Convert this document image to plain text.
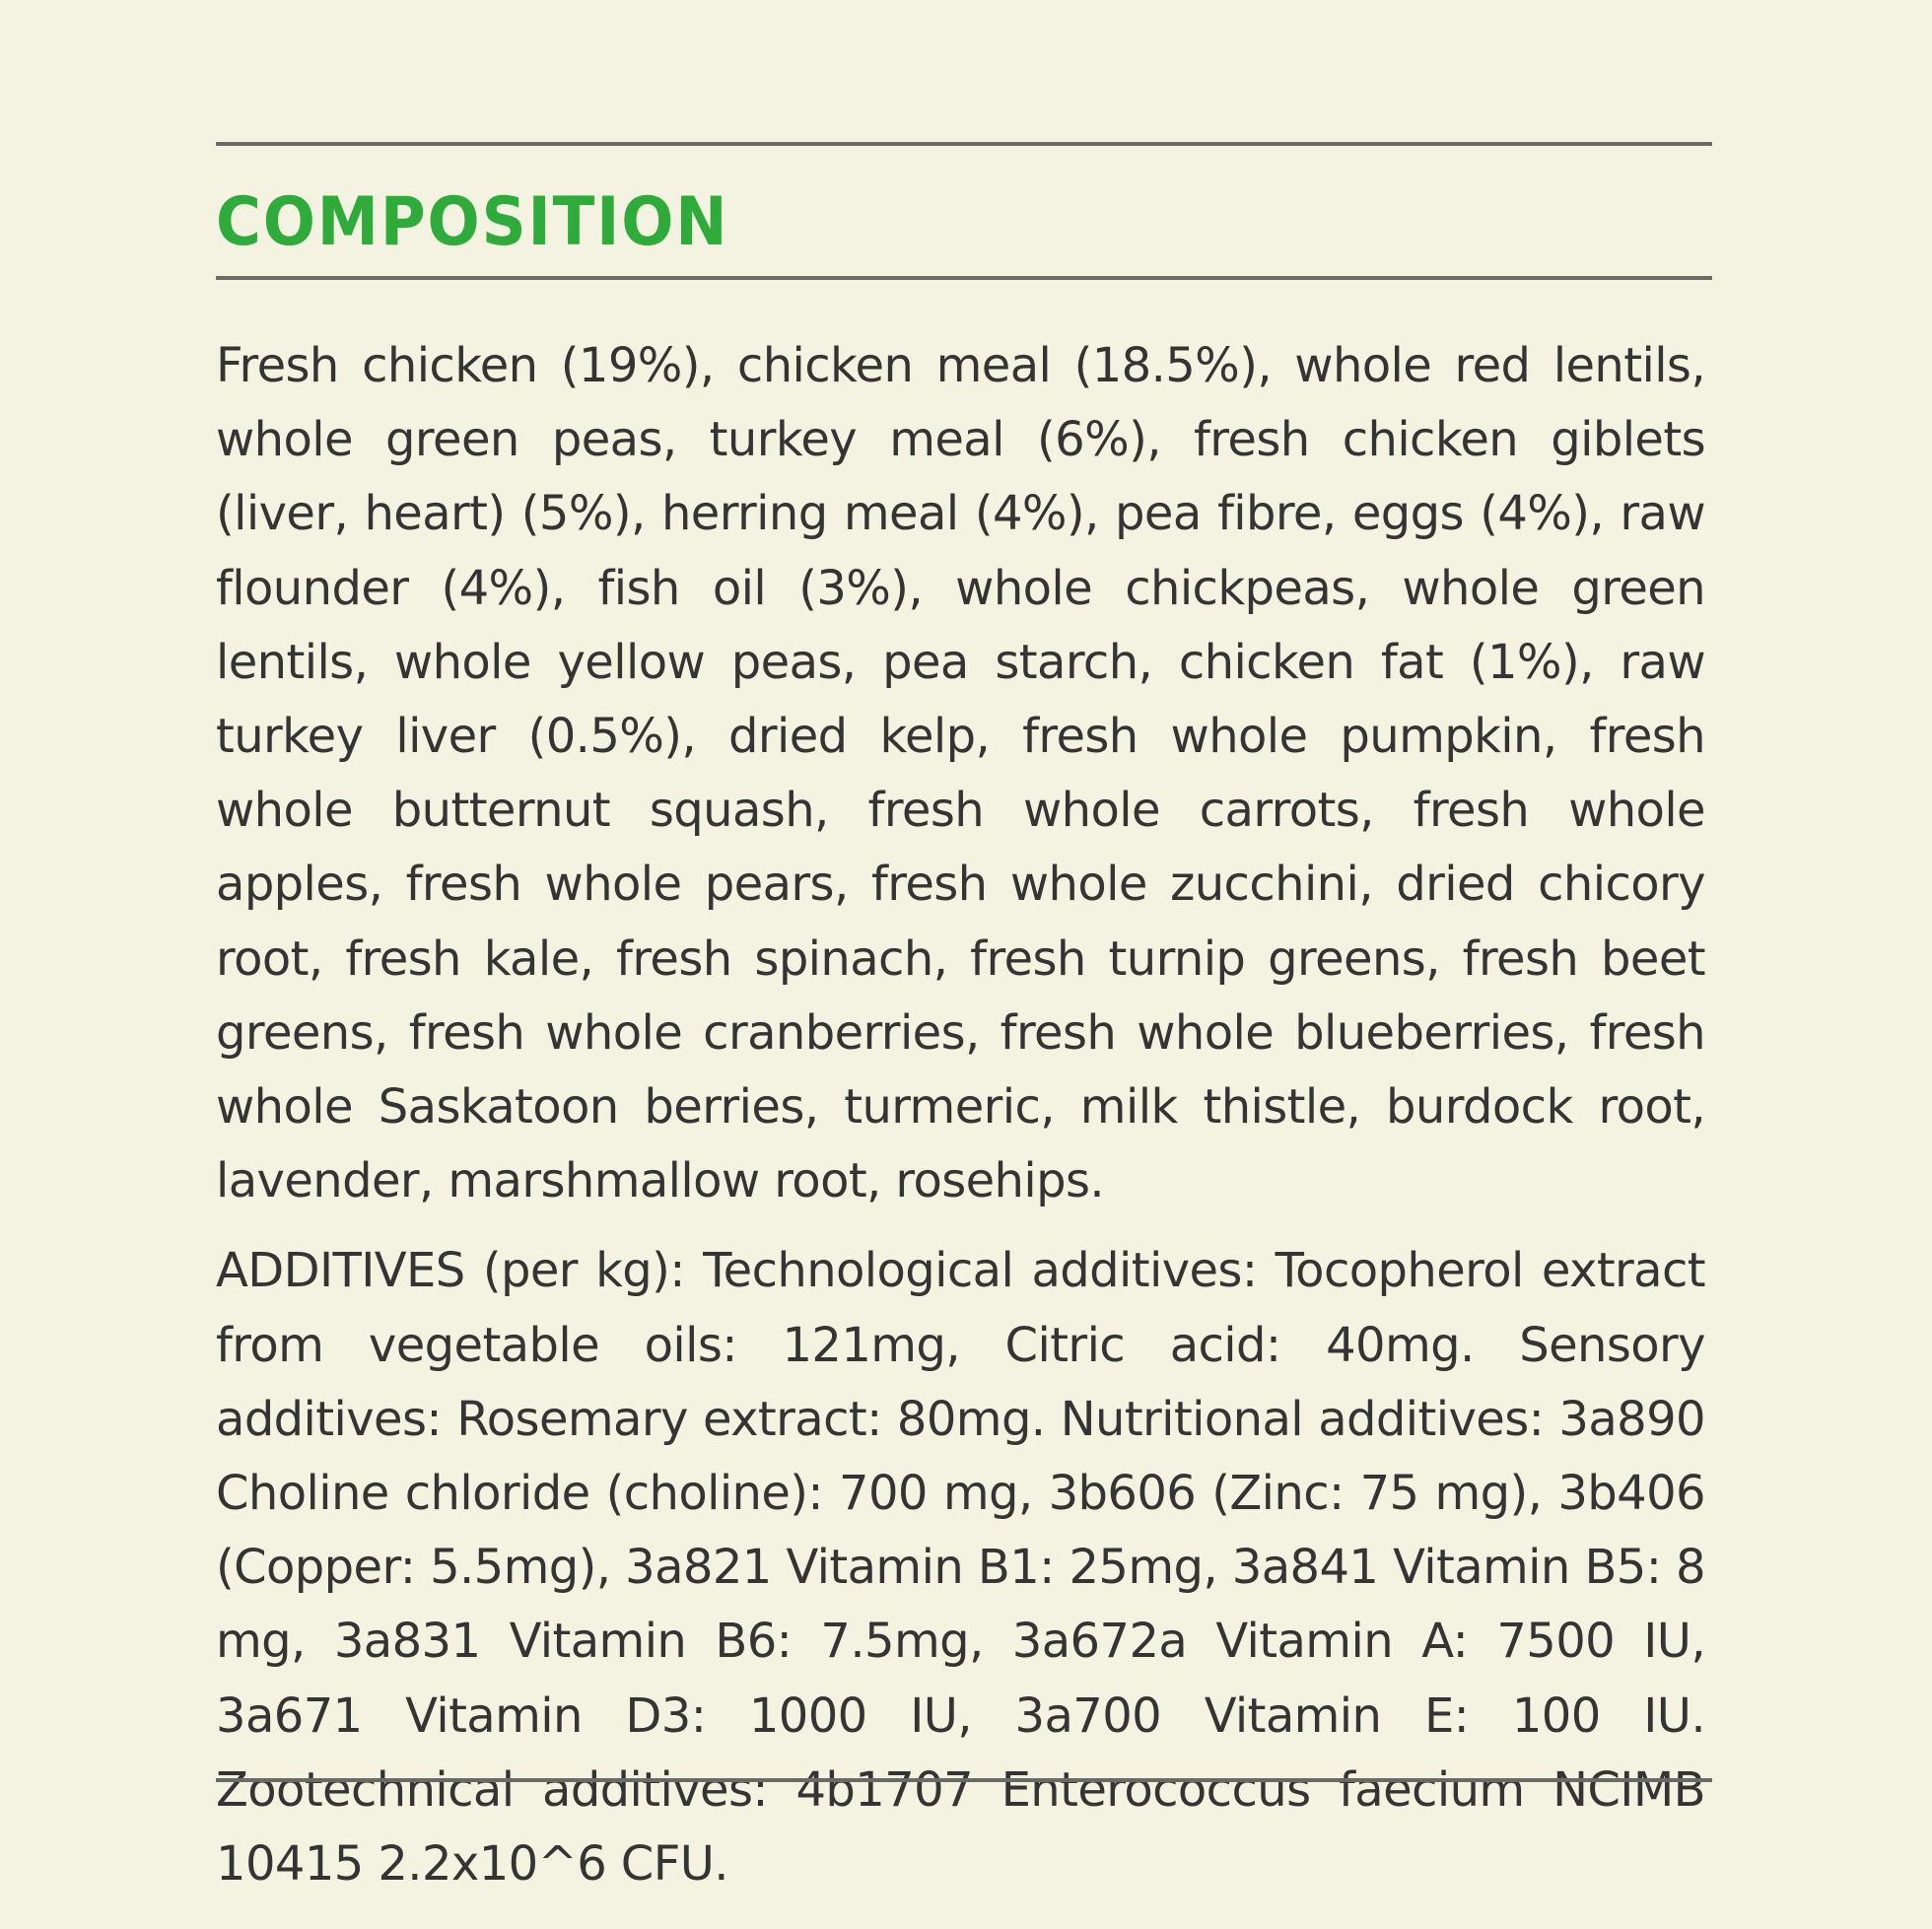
COMPOSITION
Fresh chicken (19%), chicken meal (18.5%), whole red lentils, whole green peas, turkey meal (6%), fresh chicken giblets (liver, heart) (5%), herring meal (4%), pea fibre, eggs (4%), raw flounder (4%), fish oil (3%), whole chickpeas, whole green lentils, whole yellow peas, pea starch, chicken fat (1%), raw turkey liver (0.5%), dried kelp, fresh whole pumpkin, fresh whole butternut squash, fresh whole carrots, fresh whole apples, fresh whole pears, fresh whole zucchini, dried chicory root, fresh kale, fresh spinach, fresh turnip greens, fresh beet greens, fresh whole cranberries, fresh whole blueberries, fresh whole Saskatoon berries, turmeric, milk thistle, burdock root, lavender, marshmallow root, rosehips.
ADDITIVES (per kg): Technological additives: Tocopherol extract from vegetable oils: 121mg, Citric acid: 40mg. Sensory additives: Rosemary extract: 80mg. Nutritional additives: 3a890 Choline chloride (choline): 700 mg, 3b606 (Zinc: 75 mg), 3b406 (Copper: 5.5mg), 3a821 Vitamin B1: 25mg, 3a841 Vitamin B5: 8 mg, 3a831 Vitamin B6: 7.5mg, 3a672a Vitamin A: 7500 IU, 3a671 Vitamin D3: 1000 IU, 3a700 Vitamin E: 100 IU. Zootechnical additives: 4b1707 Enterococcus faecium NCIMB 10415 2.2x10^6 CFU.
